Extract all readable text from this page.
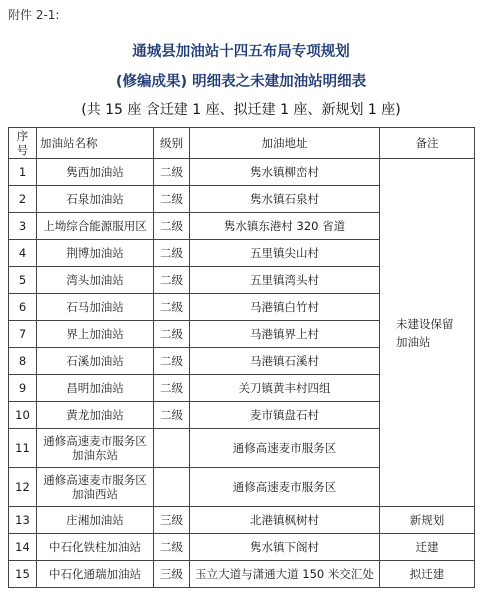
附件 2-1:
通城县加油站十四五布局专项规划
(修编成果) 明细表之未建加油站明细表
(共 15 座 含迁建 1 座、拟迁建 1 座、新规划 1 座)
序号	加油站名称	级别	加油地址	备注
1	隽西加油站	二级	隽水镇柳峦村	未建设保留
加油站

2	石泉加油站	二级	隽水镇石泉村	
3	上坳综合能源服用区	二级	隽水镇东港村 320 省道	
4	荆博加油站	二级	五里镇尖山村	
5	湾头加油站	二级	五里镇湾头村	
6	石马加油站	二级	马港镇白竹村	
7	界上加油站	二级	马港镇界上村	
8	石溪加油站	二级	马港镇石溪村	
9	昌明加油站	二级	关刀镇黄丰村四组	
10	黄龙加油站	二级	麦市镇盘石村	
11	通修高速麦市服务区加油东站		通修高速麦市服务区	
12	通修高速麦市服务区加油西站		通修高速麦市服务区	
13	庄湘加油站	三级	北港镇枫树村	新规划
14	中石化铁柱加油站	二级	隽水镇下阁村	迁建
15	中石化通瑞加油站	三级	玉立大道与潇通大道 150 米交汇处	拟迁建
